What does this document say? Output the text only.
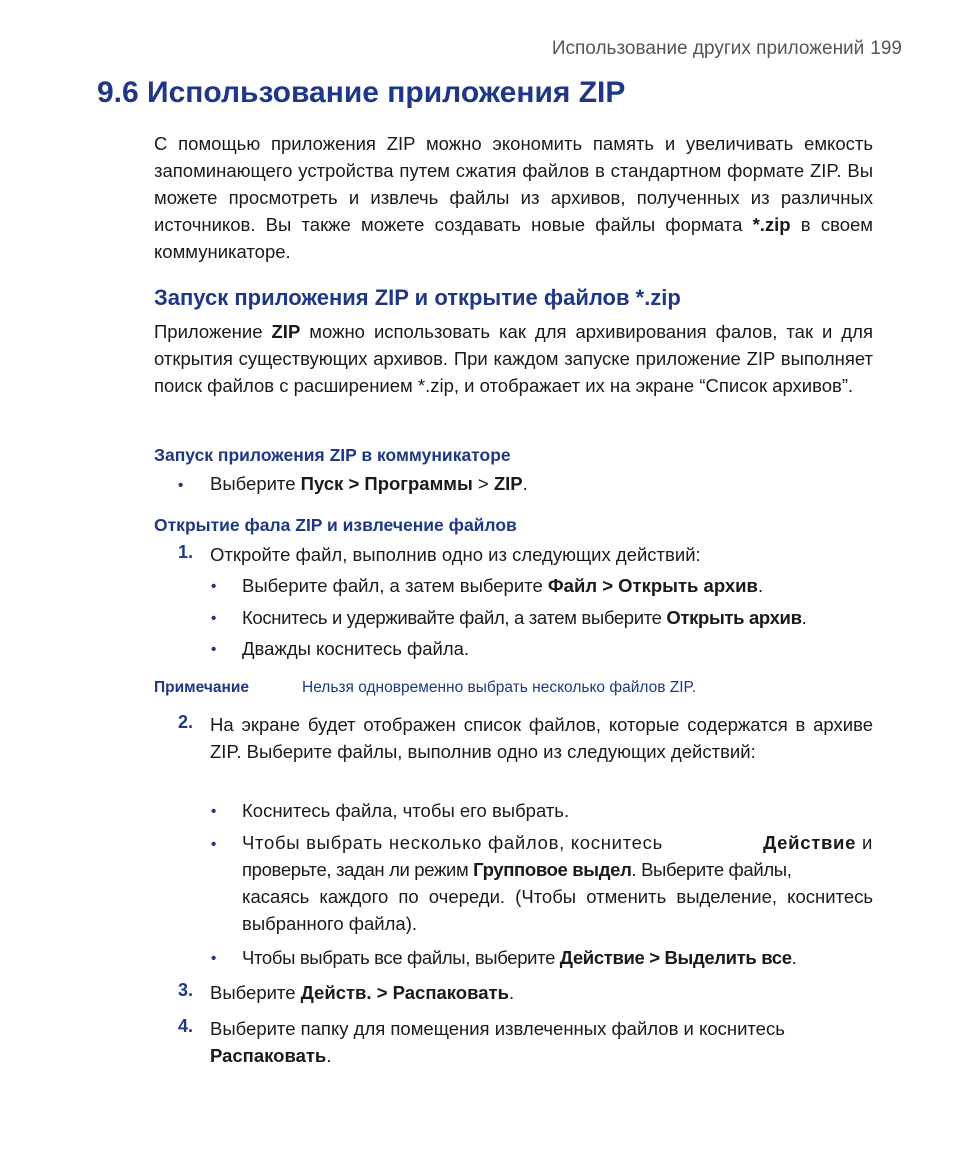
Использование других приложений 199
9.6 Использование приложения ZIP

С помощью приложения ZIP можно экономить память и увеличивать емкость запоминающего устройства путем сжатия файлов в стандартном формате ZIP. Вы можете просмотреть и извлечь файлы из архивов, полученных из различных источников. Вы также можете создавать новые файлы формата *.zip в своем коммуникаторе.

Запуск приложения ZIP и открытие файлов *.zip

Приложение ZIP можно использовать как для архивирования фалов, так и для открытия существующих архивов. При каждом запуске приложение ZIP выполняет поиск файлов с расширением *.zip, и отображает их на экране “Список архивов”.

Запуск приложения ZIP в коммуникаторе
• Выберите Пуск > Программы > ZIP.
Открытие фала ZIP и извлечение файлов
1. Откройте файл, выполнив одно из следующих действий:
• Выберите файл, а затем выберите Файл > Открыть архив.
• Коснитесь и удерживайте файл, а затем выберите Открыть архив.
• Дважды коснитесь файла.
Примечание	Нельзя одновременно выбрать несколько файлов ZIP.
2. На экране будет отображен список файлов, которые содержатся в архиве ZIP. Выберите файлы, выполнив одно из следующих действий:

• Коснитесь файла, чтобы его выбрать.
• Чтобы выбрать несколько файлов, коснитесь	Действие и
проверьте, задан ли режим Групповое выдел. Выберите файлы,

касаясь каждого по очереди. (Чтобы отменить выделение, коснитесь выбранного файла).

• Чтобы выбрать все файлы, выберите Действие > Выделить все.
3. Выберите Действ. > Распаковать.
4. Выберите папку для помещения извлеченных файлов и коснитесь
Распаковать.
